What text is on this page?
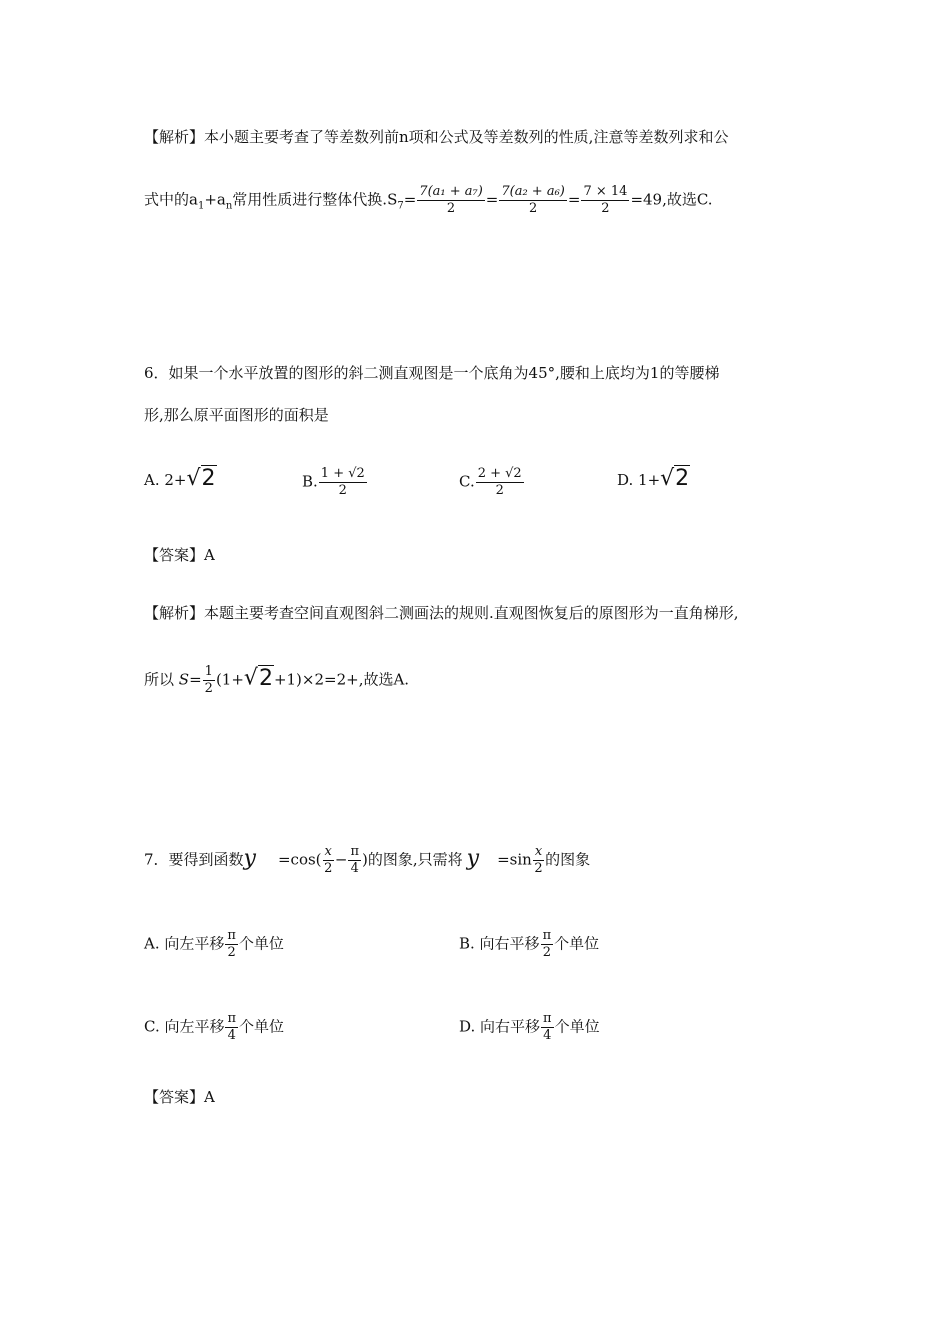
【解析】本小题主要考查了等差数列前n项和公式及等差数列的性质,注意等差数列求和公
式中的$a_1+a_n$常用性质进行整体代换$.S_7= \frac{\text{7(a₁ + a₇)}}{2} = \frac{\text{7(a₂ + a₆)}}{2} = \frac{7 \times 14}{2} =49$,故选C.
6．如果一个水平放置的图形的斜二测直观图是一个底角为45°,腰和上底均为1的等腰梯
形,那么原平面图形的面积是
A. 2+√2	B. $\frac{1 + √2}{2}$	C. $\frac{2 + √2}{2}$	D. 1+√2
【答案】A
【解析】本题主要考查空间直观图斜二测画法的规则.直观图恢复后的原图形为一直角梯形,
所以 $S= \frac{1}{2} (1+√2+1)\times 2=2+$,故选A.
7．要得到函数$y =\cos( \frac{x}{2} - \frac{\pi}{4}$ )的图象,只需将 $y =\sin \frac{x}{2}$ 的图象
A. 向左平移 $\frac{\pi}{2}$ 个单位	B. 向右平移 $\frac{\pi}{2}$ 个单位
C. 向左平移 $\frac{\pi}{4}$ 个单位	D. 向右平移 $\frac{\pi}{4}$ 个单位
【答案】A
